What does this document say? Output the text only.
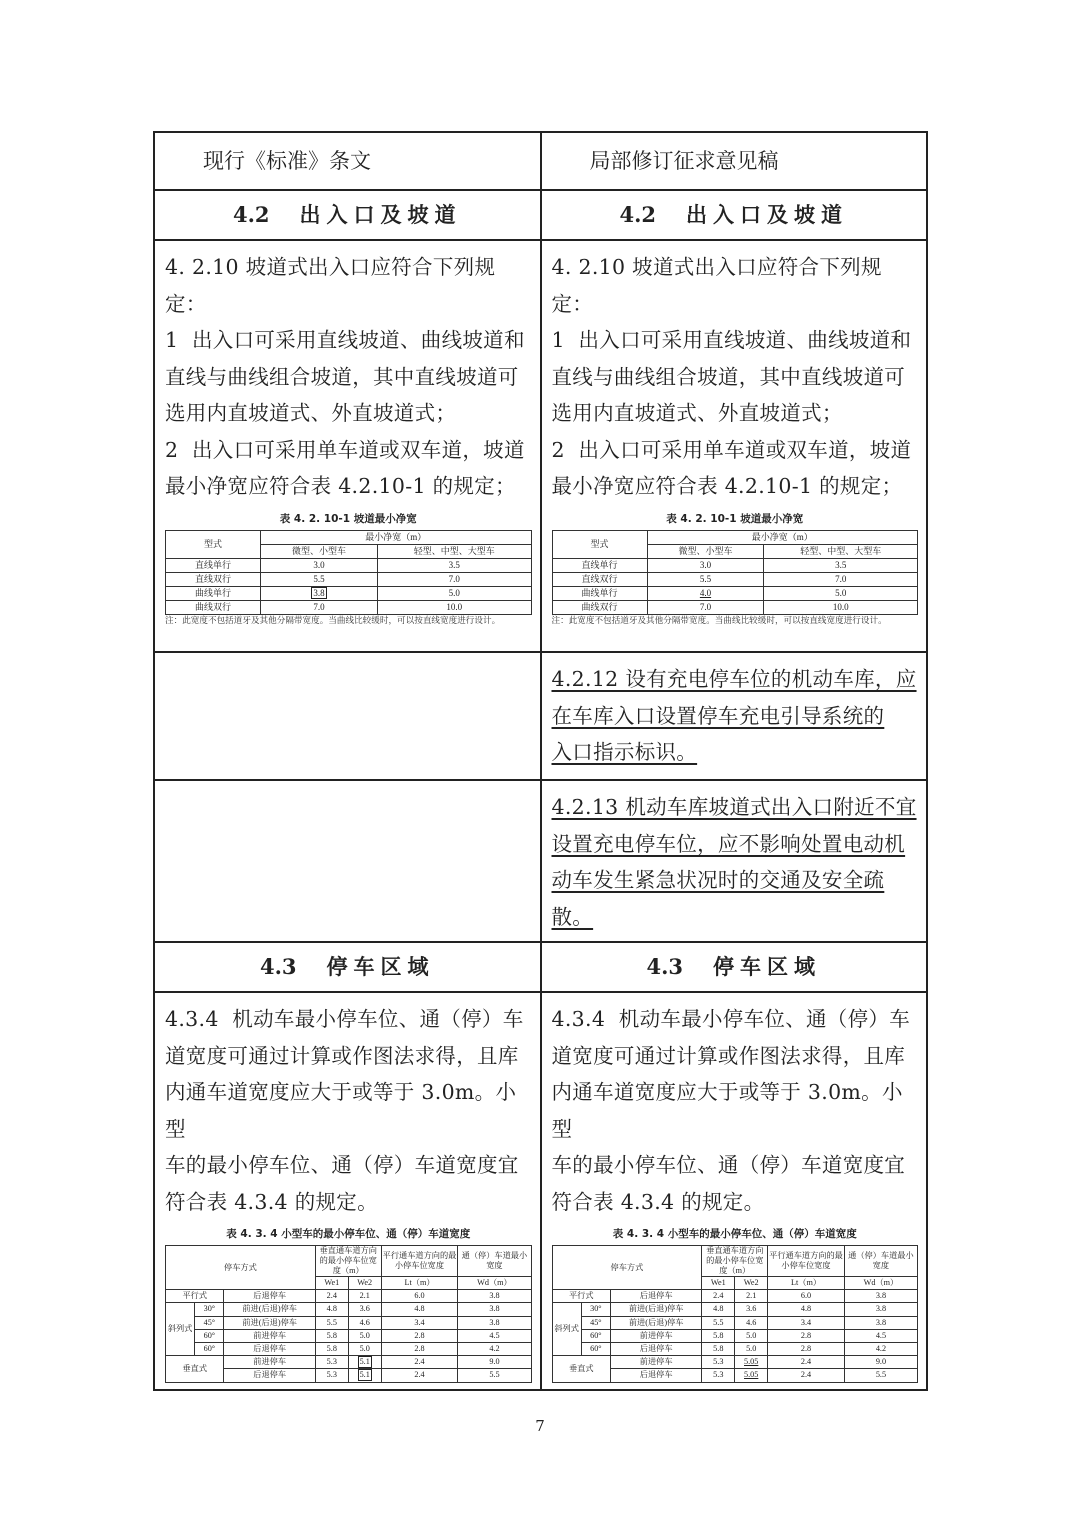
现行《标准》条文	局部修订征求意见稿
4.2 出入口及坡道	4.2 出入口及坡道

4. 2.10 坡道式出入口应符合下列规定：

1  出入口可采用直线坡道、曲线坡道和

直线与曲线组合坡道，其中直线坡道可

选用内直坡道式、外直坡道式；

2  出入口可采用单车道或双车道，坡道

最小净宽应符合表 4.2.10-1 的规定；

表 4. 2. 10-1 坡道最小净宽
型式	最小净宽（m）
微型、小型车	轻型、中型、大型车
直线单行	3.0	3.5
直线双行	5.5	7.0
曲线单行	3.8	5.0
曲线双行	7.0	10.0

注：此宽度不包括道牙及其他分隔带宽度。当曲线比较缓时，可以按直线宽度进行设计。

4. 2.10 坡道式出入口应符合下列规定：

1  出入口可采用直线坡道、曲线坡道和

直线与曲线组合坡道，其中直线坡道可

选用内直坡道式、外直坡道式；

2  出入口可采用单车道或双车道，坡道

最小净宽应符合表 4.2.10-1 的规定；

表 4. 2. 10-1 坡道最小净宽
型式	最小净宽（m）
微型、小型车	轻型、中型、大型车
直线单行	3.0	3.5
直线双行	5.5	7.0
曲线单行	4.0	5.0
曲线双行	7.0	10.0

注：此宽度不包括道牙及其他分隔带宽度。当曲线比较缓时，可以按直线宽度进行设计。

4.2.12 设有充电停车位的机动车库，应

在车库入口设置停车充电引导系统的

入口指示标识。

4.2.13 机动车库坡道式出入口附近不宜

设置充电停车位，应不影响处置电动机

动车发生紧急状况时的交通及安全疏

散。

4.3 停车区域	4.3 停车区域

4.3.4  机动车最小停车位、通（停）车

道宽度可通过计算或作图法求得，且库

内通车道宽度应大于或等于 3.0m。小型

车的最小停车位、通（停）车道宽度宜

符合表 4.3.4 的规定。

表 4. 3. 4 小型车的最小停车位、通（停）车道宽度
停车方式	垂直通车道方向的最小停车位宽度（m）	平行通车道方向的最小停车位宽度	通（停）车道最小宽度
We1	We2	Lt（m）	Wd（m）
平行式	后退停车	2.4	2.1	6.0	3.8
斜列式	30°	前进(后退)停车	4.8	3.6	4.8	3.8
45°	前进(后退)停车	5.5	4.6	3.4	3.8
60°	前进停车	5.8	5.0	2.8	4.5
60°	后退停车	5.8	5.0	2.8	4.2
垂直式	前进停车	5.3	5.1	2.4	9.0
后退停车	5.3	5.1	2.4	5.5

4.3.4  机动车最小停车位、通（停）车

道宽度可通过计算或作图法求得，且库

内通车道宽度应大于或等于 3.0m。小型

车的最小停车位、通（停）车道宽度宜

符合表 4.3.4 的规定。

表 4. 3. 4 小型车的最小停车位、通（停）车道宽度
停车方式	垂直通车道方向的最小停车位宽度（m）	平行通车道方向的最小停车位宽度	通（停）车道最小宽度
We1	We2	Lt（m）	Wd（m）
平行式	后退停车	2.4	2.1	6.0	3.8
斜列式	30°	前进(后退)停车	4.8	3.6	4.8	3.8
45°	前进(后退)停车	5.5	4.6	3.4	3.8
60°	前进停车	5.8	5.0	2.8	4.5
60°	后退停车	5.8	5.0	2.8	4.2
垂直式	前进停车	5.3	5.05	2.4	9.0
后退停车	5.3	5.05	2.4	5.5
7
